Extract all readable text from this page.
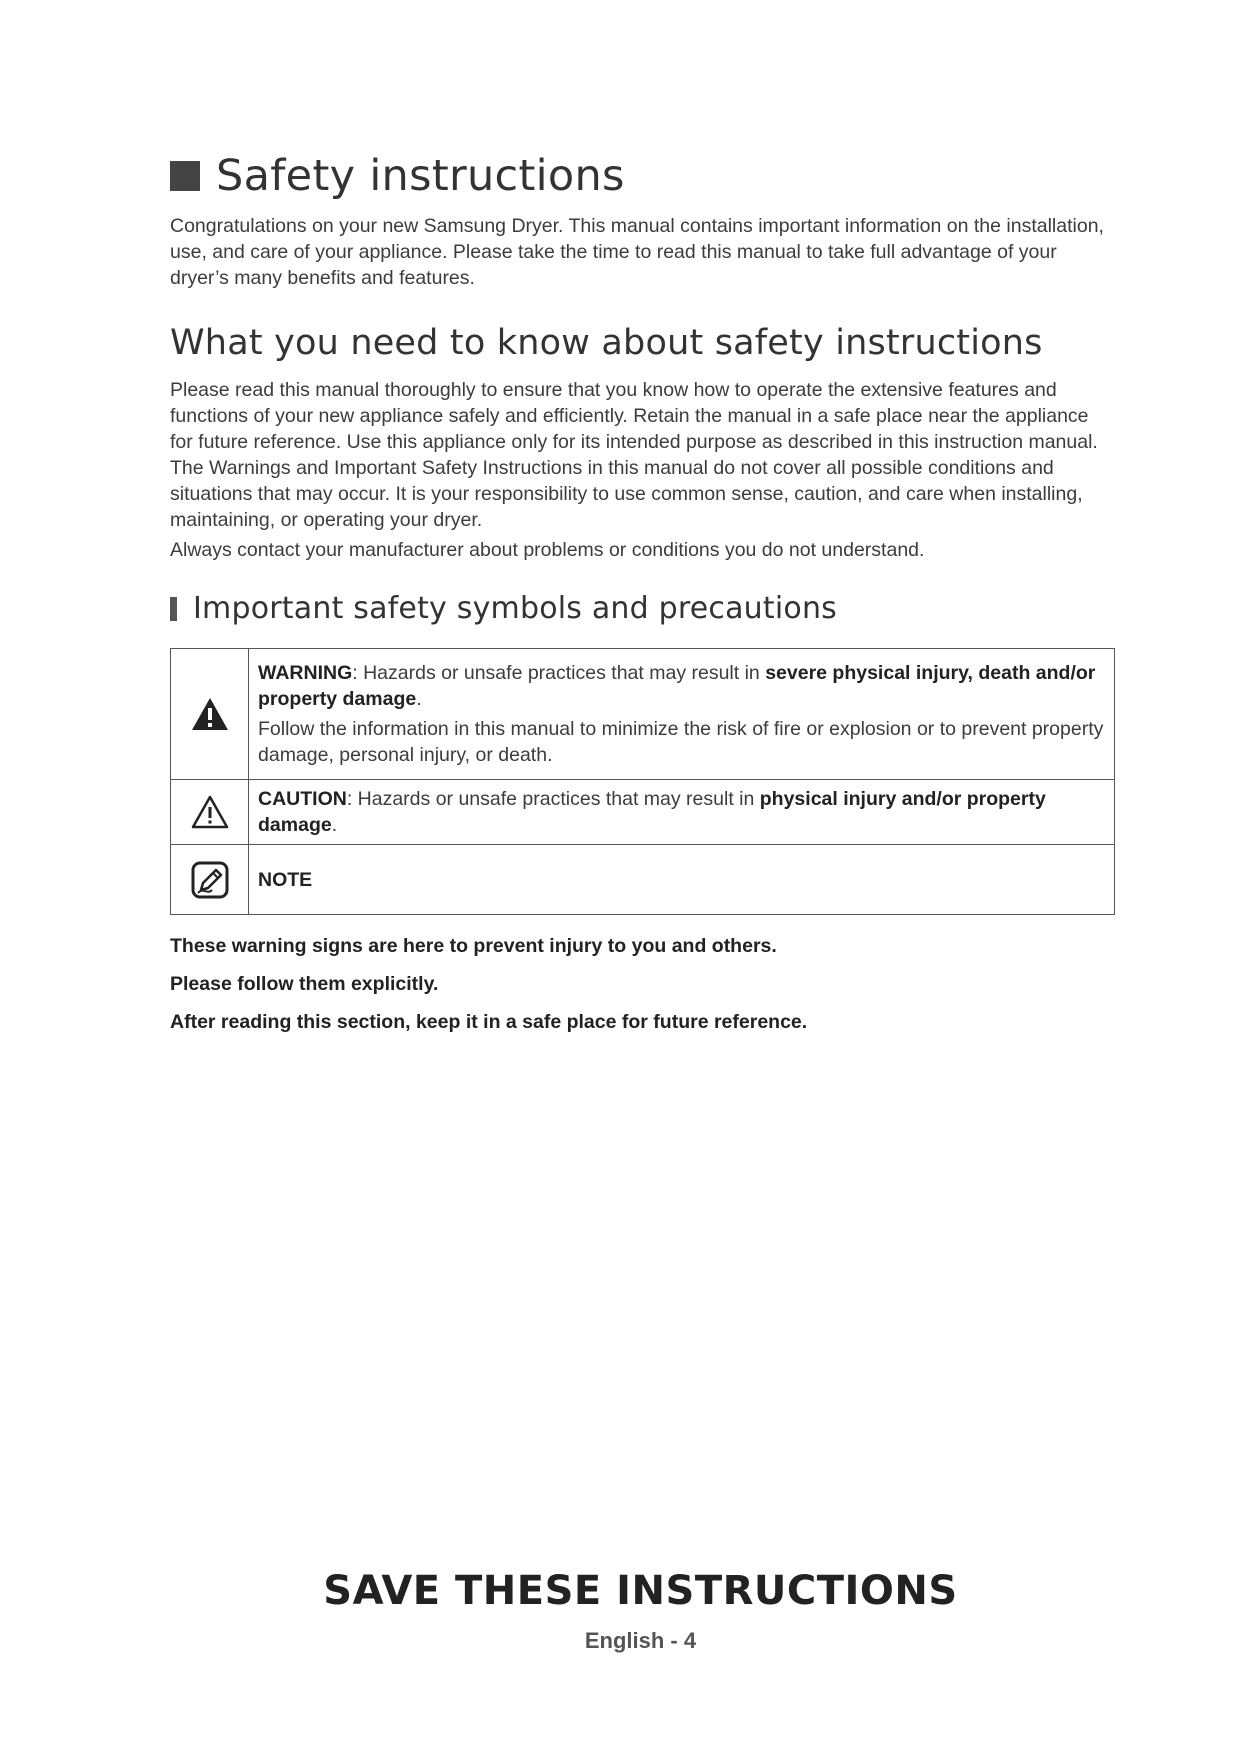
Safety instructions

Congratulations on your new Samsung Dryer. This manual contains important information on the installation, use, and care of your appliance. Please take the time to read this manual to take full advantage of your dryer’s many benefits and features.

What you need to know about safety instructions

Please read this manual thoroughly to ensure that you know how to operate the extensive features and functions of your new appliance safely and efficiently. Retain the manual in a safe place near the appliance for future reference. Use this appliance only for its intended purpose as described in this instruction manual. The Warnings and Important Safety Instructions in this manual do not cover all possible conditions and situations that may occur. It is your responsibility to use common sense, caution, and care when installing, maintaining, or operating your dryer.

Always contact your manufacturer about problems or conditions you do not understand.

Important safety symbols and precautions

WARNING: Hazards or unsafe practices that may result in severe physical injury, death and/or property damage.
Follow the information in this manual to minimize the risk of fire or explosion or to prevent property damage, personal injury, or death.

	CAUTION: Hazards or unsafe practices that may result in physical injury and/or property damage.
	NOTE

These warning signs are here to prevent injury to you and others.

Please follow them explicitly.

After reading this section, keep it in a safe place for future reference.

SAVE THESE INSTRUCTIONS
English - 4
